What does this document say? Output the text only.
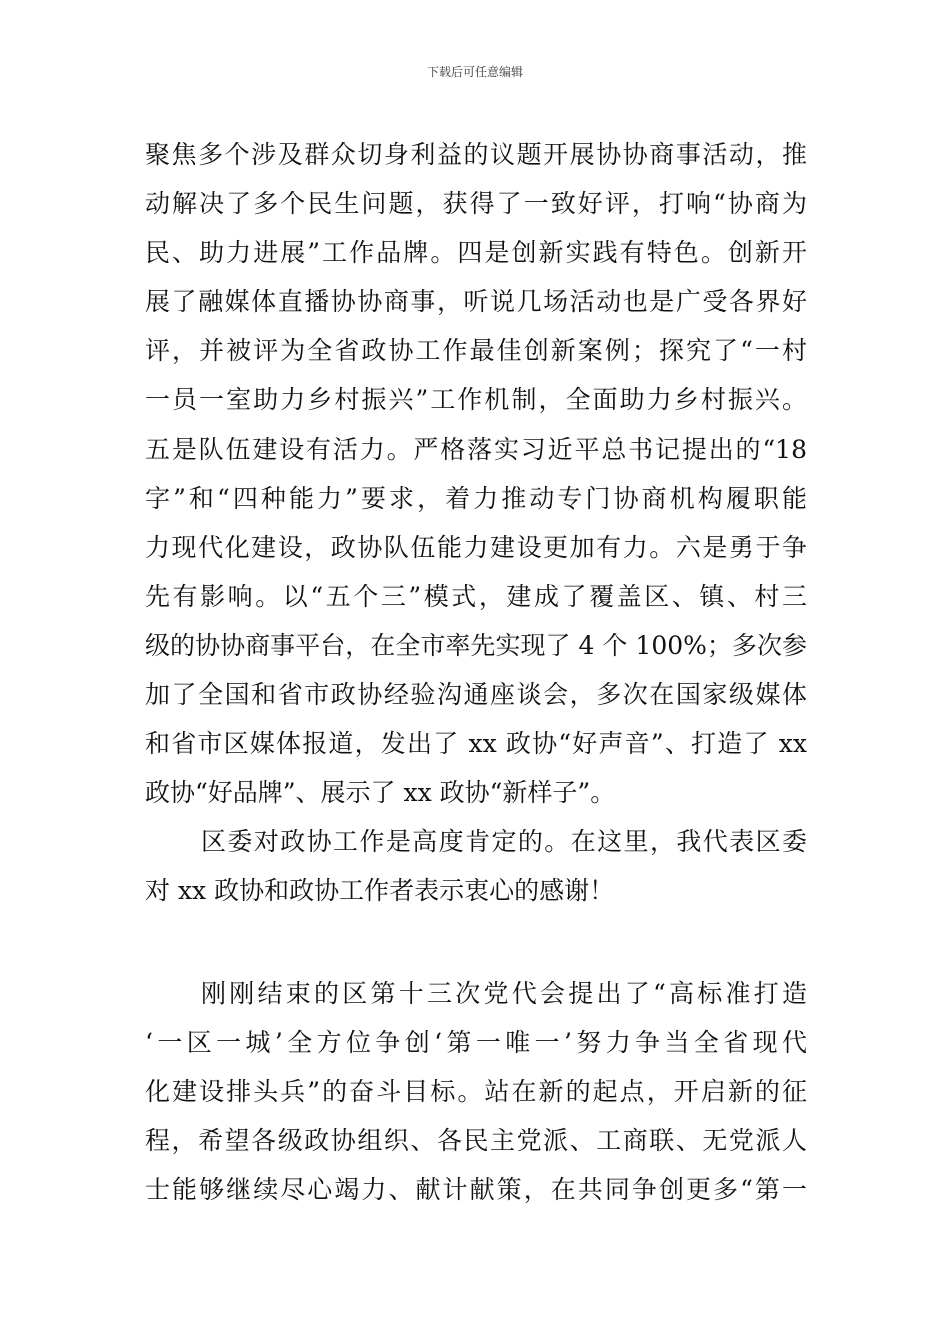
下载后可任意编辑
聚焦多个涉及群众切身利益的议题开展协协商事活动，推
动解决了多个民生问题，获得了一致好评，打响“协商为
民、助力进展”工作品牌。四是创新实践有特色。创新开
展了融媒体直播协协商事，听说几场活动也是广受各界好
评，并被评为全省政协工作最佳创新案例；探究了“一村
一员一室助力乡村振兴”工作机制，全面助力乡村振兴。
五是队伍建设有活力。严格落实习近平总书记提出的“18
字”和“四种能力”要求，着力推动专门协商机构履职能
力现代化建设，政协队伍能力建设更加有力。六是勇于争
先有影响。以“五个三”模式，建成了覆盖区、镇、村三
级的协协商事平台，在全市率先实现了 4 个 100%；多次参
加了全国和省市政协经验沟通座谈会，多次在国家级媒体
和省市区媒体报道，发出了 xx 政协“好声音”、打造了 xx
政协“好品牌”、展示了 xx 政协“新样子”。
区委对政协工作是高度肯定的。在这里，我代表区委
对 xx 政协和政协工作者表示衷心的感谢！
刚刚结束的区第十三次党代会提出了“高标准打造
‘一区一城’全方位争创‘第一唯一’努力争当全省现代
化建设排头兵”的奋斗目标。站在新的起点，开启新的征
程，希望各级政协组织、各民主党派、工商联、无党派人
士能够继续尽心竭力、献计献策，在共同争创更多“第一
